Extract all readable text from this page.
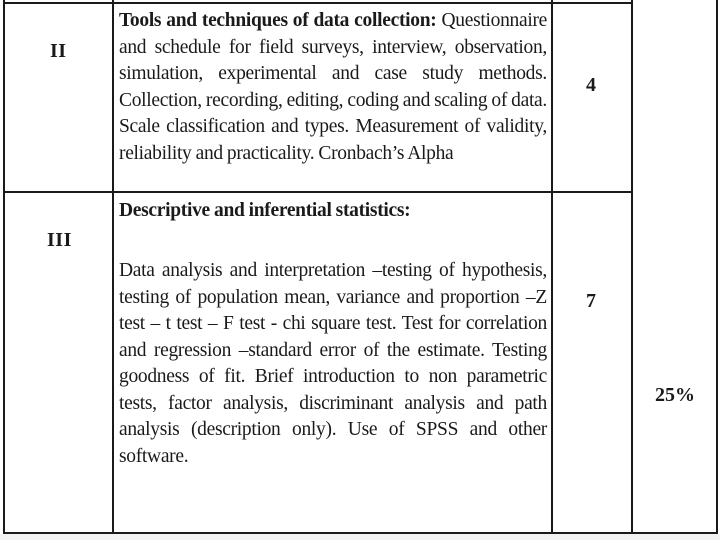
II

Tools and techniques of data collection: Questionnaire and schedule for field surveys, interview, observation, simulation, experimental and case study methods. Collection, recording, editing, coding and scaling of data. Scale classification and types. Measurement of validity, reliability and practicality. Cronbach’s Alpha

4
III

Descriptive and inferential statistics:

Data analysis and interpretation –testing of hypothesis, testing of population mean, variance and proportion –Z test – t test – F test - chi square test. Test for correlation and regression –standard error of the estimate. Testing goodness of fit. Brief introduction to non parametric tests, factor analysis, discriminant analysis and path analysis (description only). Use of SPSS and other software.

7
25%
